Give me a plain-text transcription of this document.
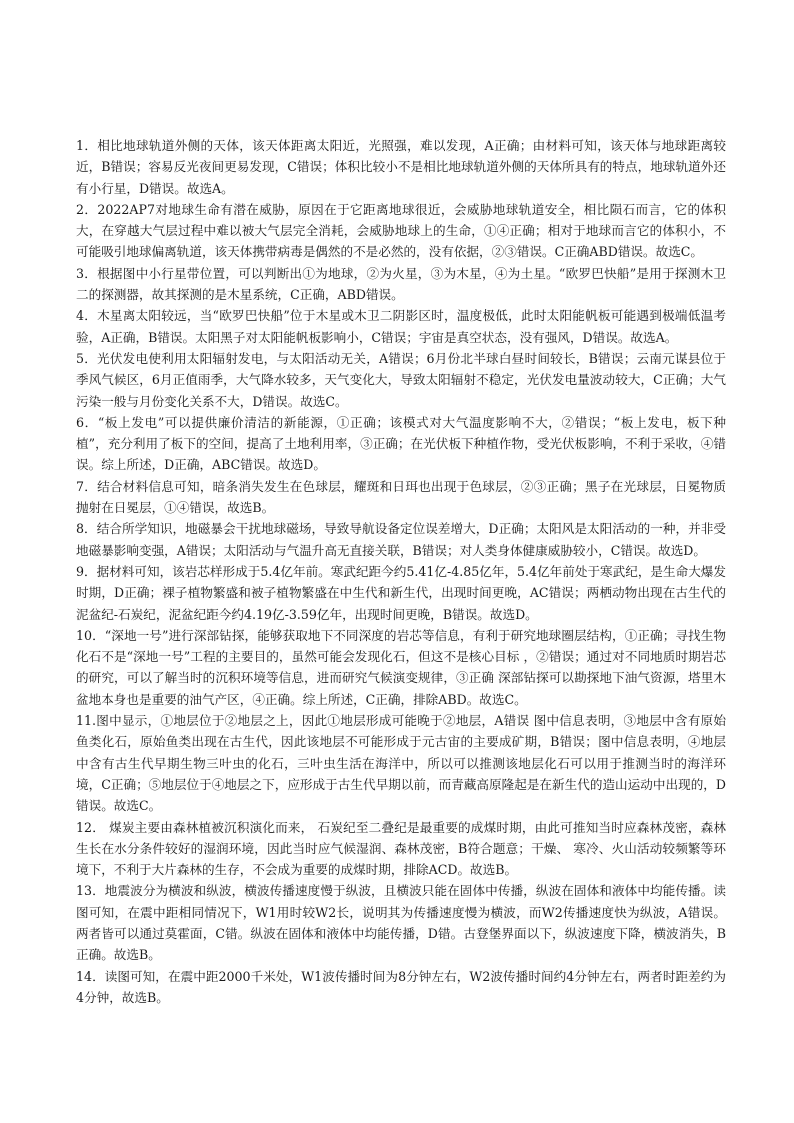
1．相比地球轨道外侧的天体，该天体距离太阳近，光照强，难以发现，A正确；由材料可知，该天体与地球距离较近，B错误；容易反光夜间更易发现，C错误；体积比较小不是相比地球轨道外侧的天体所具有的特点，地球轨道外还有小行星，D错误。故选A。

2．2022AP7对地球生命有潜在威胁，原因在于它距离地球很近，会威胁地球轨道安全，相比陨石而言，它的体积大，在穿越大气层过程中难以被大气层完全消耗，会威胁地球上的生命，①④正确；相对于地球而言它的体积小，不可能吸引地球偏离轨道，该天体携带病毒是偶然的不是必然的，没有依据，②③错误。C正确ABD错误。故选C。

3．根据图中小行星带位置，可以判断出①为地球，②为火星，③为木星，④为土星。“欧罗巴快船”是用于探测木卫二的探测器，故其探测的是木星系统，C正确，ABD错误。

4．木星离太阳较远，当“欧罗巴快船”位于木星或木卫二阴影区时，温度极低，此时太阳能帆板可能遇到极端低温考验，A正确，B错误。太阳黑子对太阳能帆板影响小，C错误；宇宙是真空状态，没有强风，D错误。故选A。

5．光伏发电使利用太阳辐射发电，与太阳活动无关，A错误；6月份北半球白昼时间较长，B错误；云南元谋县位于季风气候区，6月正值雨季，大气降水较多，天气变化大，导致太阳辐射不稳定，光伏发电量波动较大，C正确；大气污染一般与月份变化关系不大，D错误。故选C。

6．“板上发电”可以提供廉价清洁的新能源，①正确；该模式对大气温度影响不大，②错误；“板上发电，板下种植”，充分利用了板下的空间，提高了土地利用率，③正确；在光伏板下种植作物，受光伏板影响，不利于采收，④错误。综上所述，D正确，ABC错误。故选D。

7．结合材料信息可知，暗条消失发生在色球层，耀斑和日珥也出现于色球层，②③正确；黑子在光球层，日冕物质抛射在日冕层，①④错误，故选B。

8．结合所学知识，地磁暴会干扰地球磁场，导致导航设备定位误差增大，D正确；太阳风是太阳活动的一种，并非受地磁暴影响变强，A错误；太阳活动与气温升高无直接关联，B错误；对人类身体健康威胁较小，C错误。故选D。

9．据材料可知，该岩芯样形成于5.4亿年前。寒武纪距今约5.41亿-4.85亿年，5.4亿年前处于寒武纪，是生命大爆发时期，D正确；裸子植物繁盛和被子植物繁盛在中生代和新生代，出现时间更晚，AC错误；两栖动物出现在古生代的泥盆纪-石炭纪，泥盆纪距今约4.19亿-3.59亿年，出现时间更晚，B错误。故选D。

10．“深地一号”进行深部钻探，能够获取地下不同深度的岩芯等信息，有利于研究地球圈层结构，①正确；寻找生物化石不是“深地一号”工程的主要目的，虽然可能会发现化石，但这不是核心目标 ，②错误；通过对不同地质时期岩芯的研究，可以了解当时的沉积环境等信息，进而研究气候演变规律，③正确 深部钻探可以勘探地下油气资源，塔里木盆地本身也是重要的油气产区，④正确。综上所述，C正确，排除ABD。故选C。

11.图中显示，①地层位于②地层之上，因此①地层形成可能晚于②地层，A错误 图中信息表明，③地层中含有原始鱼类化石，原始鱼类出现在古生代，因此该地层不可能形成于元古宙的主要成矿期，B错误；图中信息表明，④地层中含有古生代早期生物三叶虫的化石，三叶虫生活在海洋中，所以可以推测该地层化石可以用于推测当时的海洋环境，C正确；⑤地层位于④地层之下，应形成于古生代早期以前，而青藏高原隆起是在新生代的造山运动中出现的，D错误。故选C。

12． 煤炭主要由森林植被沉积演化而来， 石炭纪至二叠纪是最重要的成煤时期，由此可推知当时应森林茂密，森林生长在水分条件较好的湿润环境，因此当时应气候湿润、森林茂密，B符合题意；干燥、 寒冷、火山活动较频繁等环境下，不利于大片森林的生存，不会成为重要的成煤时期，排除ACD。故选B。

13．地震波分为横波和纵波，横波传播速度慢于纵波，且横波只能在固体中传播，纵波在固体和液体中均能传播。读图可知，在震中距相同情况下，W1用时较W2长，说明其为传播速度慢为横波，而W2传播速度快为纵波，A错误。两者皆可以通过莫霍面，C错。纵波在固体和液体中均能传播，D错。古登堡界面以下，纵波速度下降，横波消失，B正确。故选B。

14．读图可知，在震中距2000千米处，W1波传播时间为8分钟左右，W2波传播时间约4分钟左右，两者时距差约为4分钟，故选B。
